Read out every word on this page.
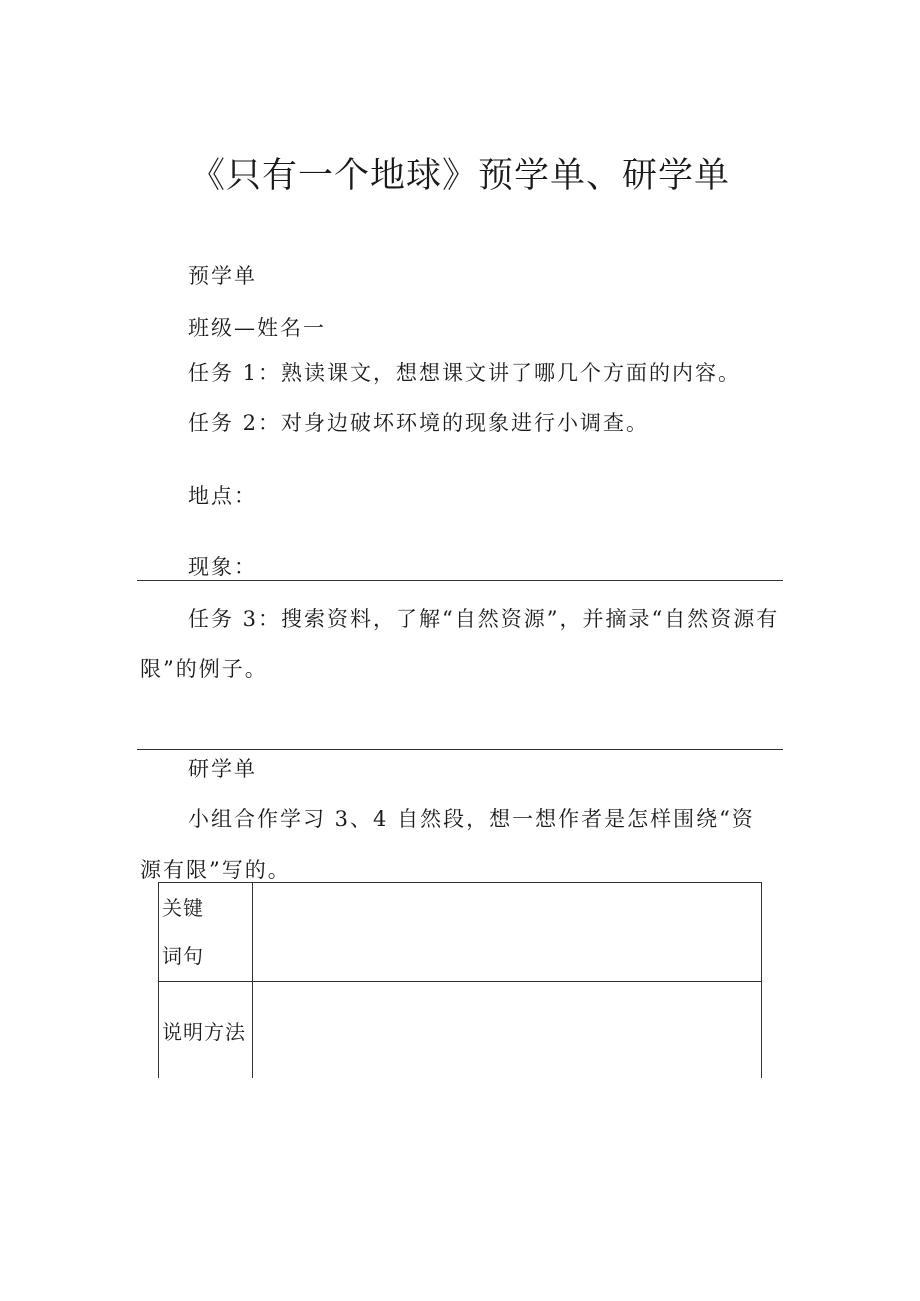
《只有一个地球》预学单、研学单
预学单
班级—姓名一
任务 1：熟读课文，想想课文讲了哪几个方面的内容。
任务 2：对身边破坏环境的现象进行小调查。
地点：
现象：
任务 3：搜索资料，了解“自然资源”，并摘录“自然资源有
限”的例子。
研学单
小组合作学习 3、4 自然段，想一想作者是怎样围绕“资
源有限”写的。
关键
词句	

说明方法	
